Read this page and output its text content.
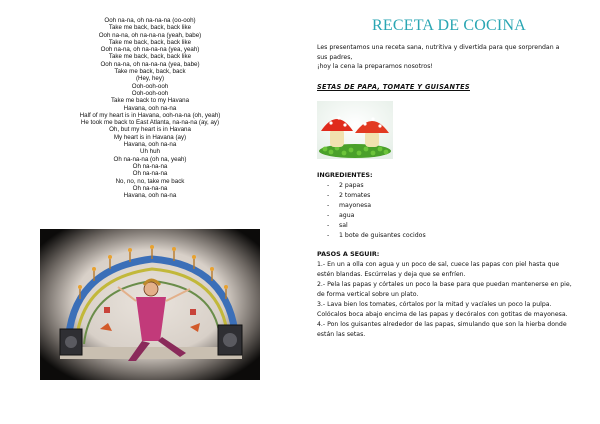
Ooh na-na, oh na-na-na (oo-ooh)
Take me back, back, back like
Ooh na-na, oh na-na-na (yeah, babe)
Take me back, back, back like
Ooh na-na, oh na-na-na (yea, yeah)
Take me back, back, back like
Ooh na-na, oh na-na-na (yea, babe)
Take me back, back, back
(Hey, hey)
Ooh-ooh-ooh
Ooh-ooh-ooh
Take me back to my Havana
Havana, ooh na-na
Half of my heart is in Havana, ooh-na-na (oh, yeah)
He took me back to East Atlanta, na-na-na (ay, ay)
Oh, but my heart is in Havana
My heart is in Havana (ay)
Havana, ooh na-na
Uh huh
Oh na-na-na (oh na, yeah)
Oh na-na-na
Oh na-na-na
No, no, no, take me back
Oh na-na-na
Havana, ooh na-na
RECETA DE COCINA
Les presentamos una receta sana, nutritiva y divertida para que sorprendan a
sus padres,
¡hoy la cena la preparamos nosotros!
SETAS DE PAPA, TOMATE Y GUISANTES
INGREDIENTES:
- 2 papas
- 2 tomates
- mayonesa
- agua
- sal
- 1 bote de guisantes cocidos
PASOS A SEGUIR:
1.- En un a olla con agua y un poco de sal, cuece las papas con piel hasta que
estén blandas. Escúrrelas y deja que se enfríen.
2.- Pela las papas y córtales un poco la base para que puedan mantenerse en pie,
de forma vertical sobre un plato.
3.- Lava bien los tomates, córtalos por la mitad y vacíales un poco la pulpa.
Colócalos boca abajo encima de las papas y decóralos con gotitas de mayonesa.
4.- Pon los guisantes alrededor de las papas, simulando que son la hierba donde
están las setas.
